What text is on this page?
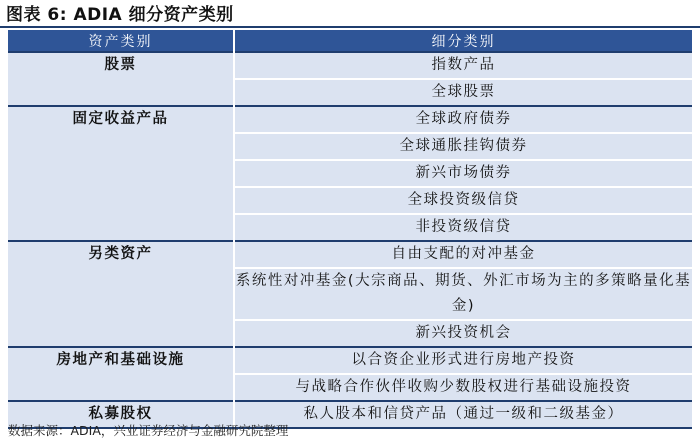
图表 6: ADIA 细分资产类别
资产类别	细分类别
股票	指数产品
	全球股票
固定收益产品	全球政府债券
	全球通胀挂钩债券
	新兴市场债券
	全球投资级信贷
	非投资级信贷
另类资产	自由支配的对冲基金
	系统性对冲基金(大宗商品、期货、外汇市场为主的多策略量化基金)
	新兴投资机会
房地产和基础设施	以合资企业形式进行房地产投资
	与战略合作伙伴收购少数股权进行基础设施投资
私募股权	私人股本和信贷产品（通过一级和二级基金）
数据来源：ADIA，兴业证券经济与金融研究院整理
